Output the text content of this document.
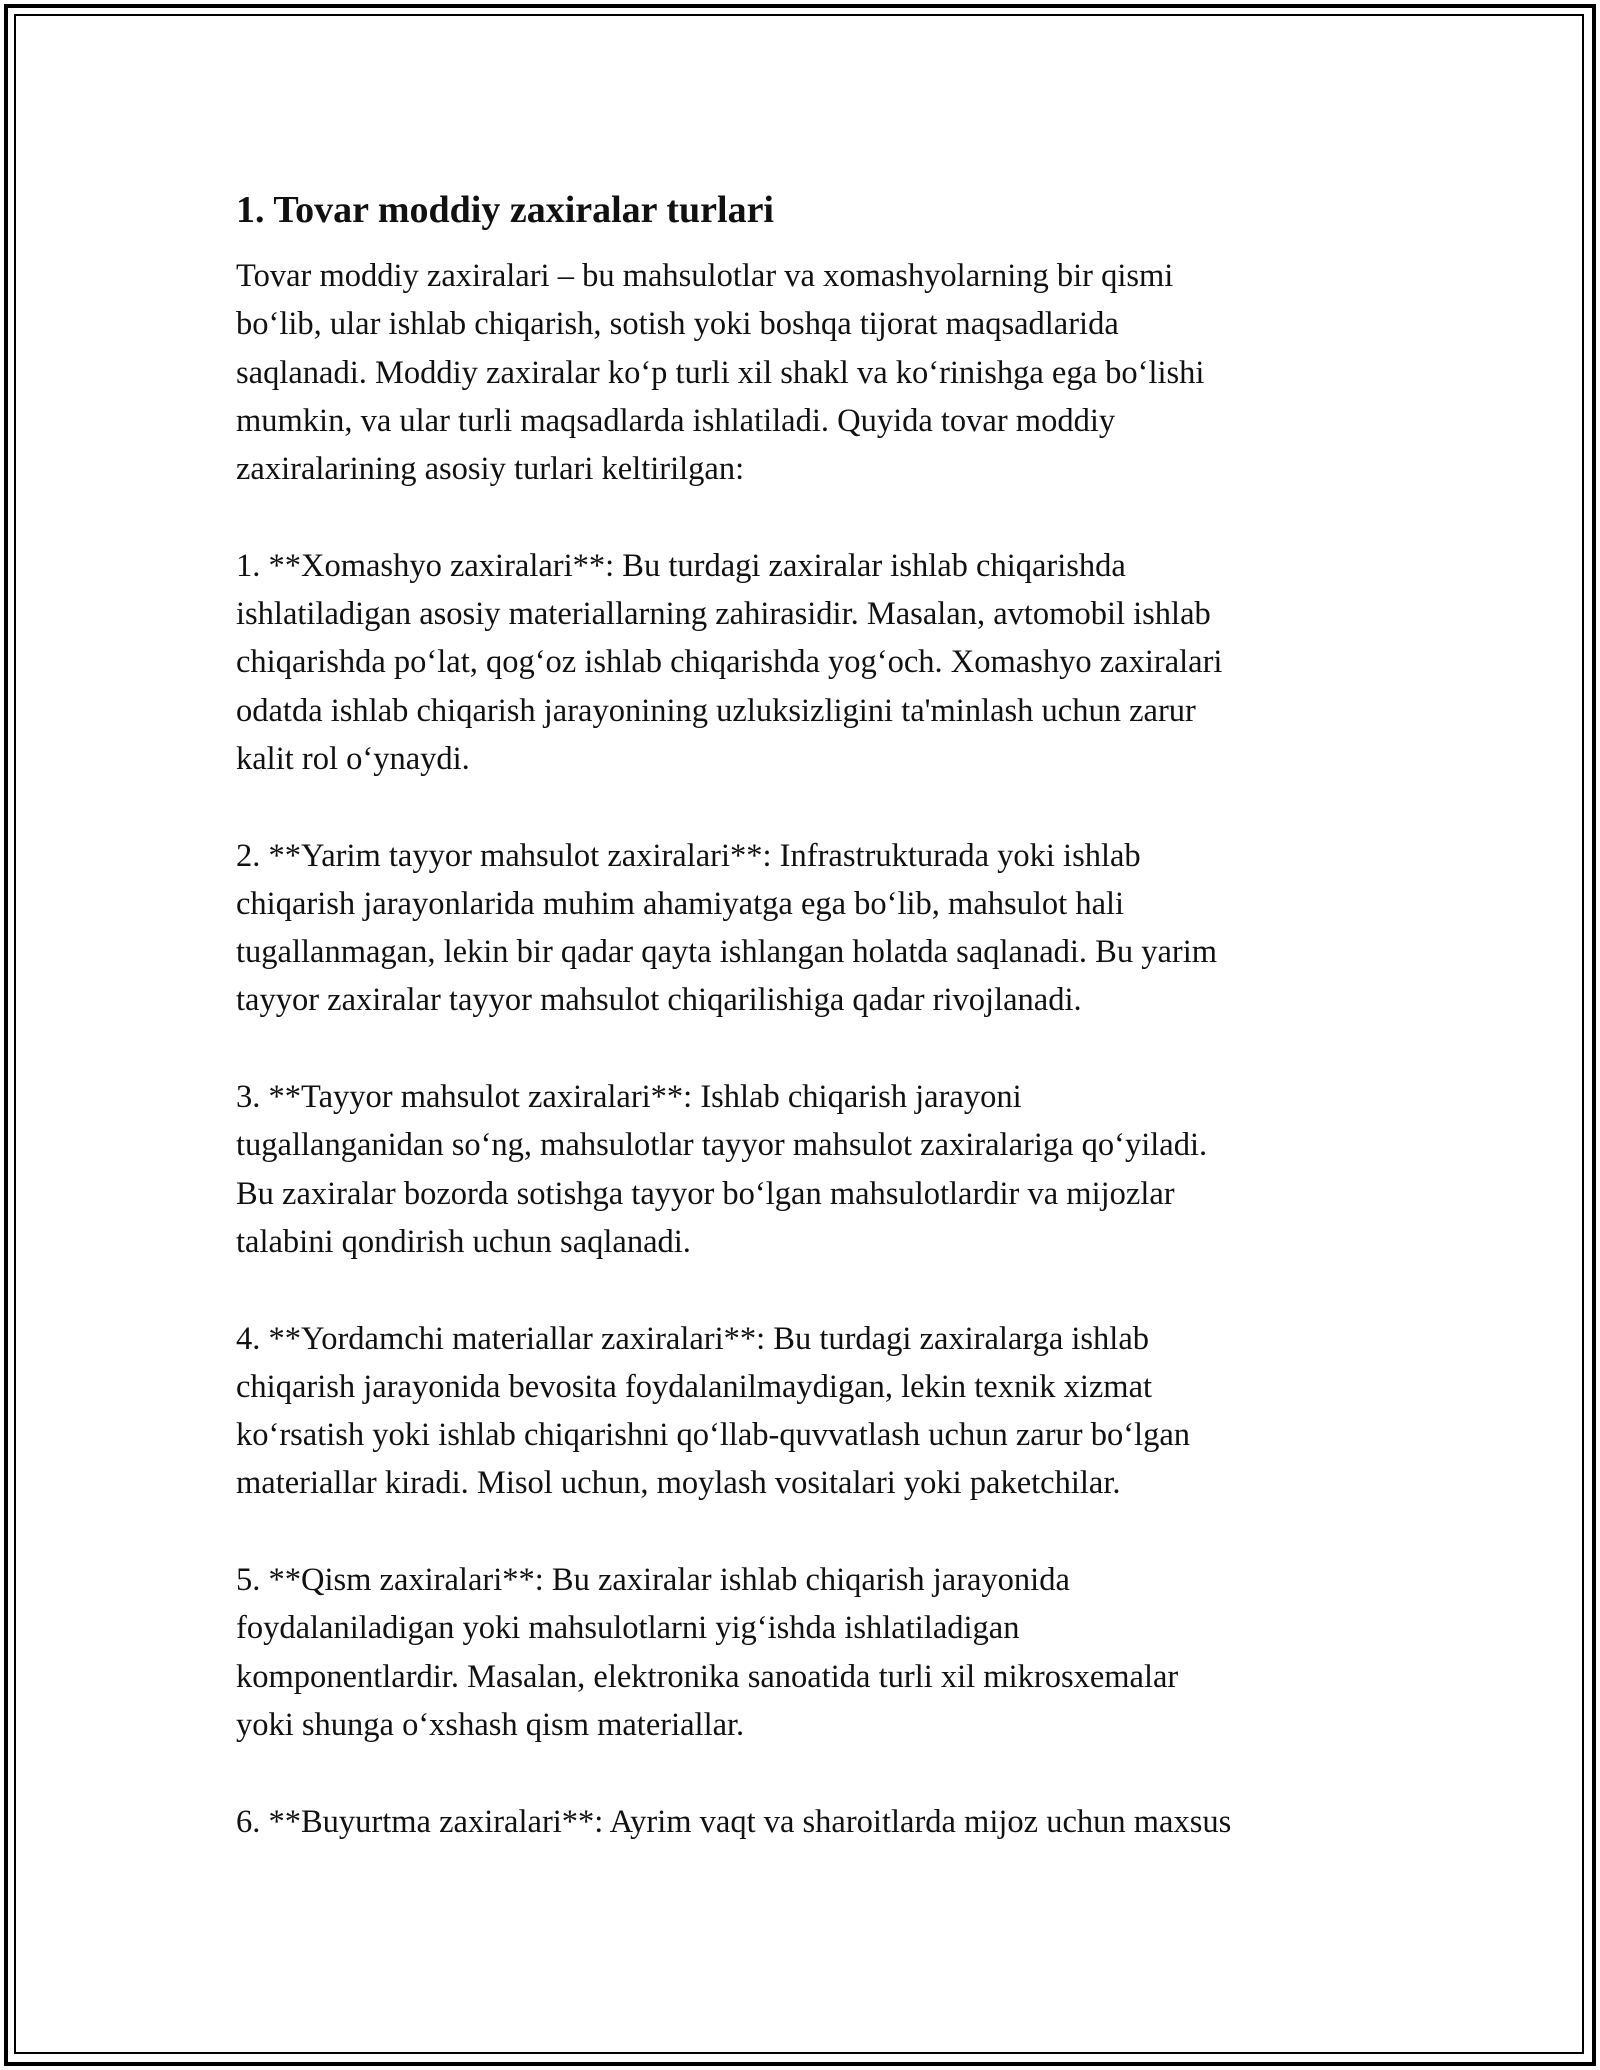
1. Tovar moddiy zaxiralar turlari

Tovar moddiy zaxiralari – bu mahsulotlar va xomashyolarning bir qismi
bo‘lib, ular ishlab chiqarish, sotish yoki boshqa tijorat maqsadlarida
saqlanadi. Moddiy zaxiralar ko‘p turli xil shakl va ko‘rinishga ega bo‘lishi
mumkin, va ular turli maqsadlarda ishlatiladi. Quyida tovar moddiy
zaxiralarining asosiy turlari keltirilgan:

1. **Xomashyo zaxiralari**: Bu turdagi zaxiralar ishlab chiqarishda
ishlatiladigan asosiy materiallarning zahirasidir. Masalan, avtomobil ishlab
chiqarishda po‘lat, qog‘oz ishlab chiqarishda yog‘och. Xomashyo zaxiralari
odatda ishlab chiqarish jarayonining uzluksizligini ta'minlash uchun zarur
kalit rol o‘ynaydi.

2. **Yarim tayyor mahsulot zaxiralari**: Infrastrukturada yoki ishlab
chiqarish jarayonlarida muhim ahamiyatga ega bo‘lib, mahsulot hali
tugallanmagan, lekin bir qadar qayta ishlangan holatda saqlanadi. Bu yarim
tayyor zaxiralar tayyor mahsulot chiqarilishiga qadar rivojlanadi.

3. **Tayyor mahsulot zaxiralari**: Ishlab chiqarish jarayoni
tugallanganidan so‘ng, mahsulotlar tayyor mahsulot zaxiralariga qo‘yiladi.
Bu zaxiralar bozorda sotishga tayyor bo‘lgan mahsulotlardir va mijozlar
talabini qondirish uchun saqlanadi.

4. **Yordamchi materiallar zaxiralari**: Bu turdagi zaxiralarga ishlab
chiqarish jarayonida bevosita foydalanilmaydigan, lekin texnik xizmat
ko‘rsatish yoki ishlab chiqarishni qo‘llab-quvvatlash uchun zarur bo‘lgan
materiallar kiradi. Misol uchun, moylash vositalari yoki paketchilar.

5. **Qism zaxiralari**: Bu zaxiralar ishlab chiqarish jarayonida
foydalaniladigan yoki mahsulotlarni yig‘ishda ishlatiladigan
komponentlardir. Masalan, elektronika sanoatida turli xil mikrosxemalar
yoki shunga o‘xshash qism materiallar.

6. **Buyurtma zaxiralari**: Ayrim vaqt va sharoitlarda mijoz uchun maxsus
